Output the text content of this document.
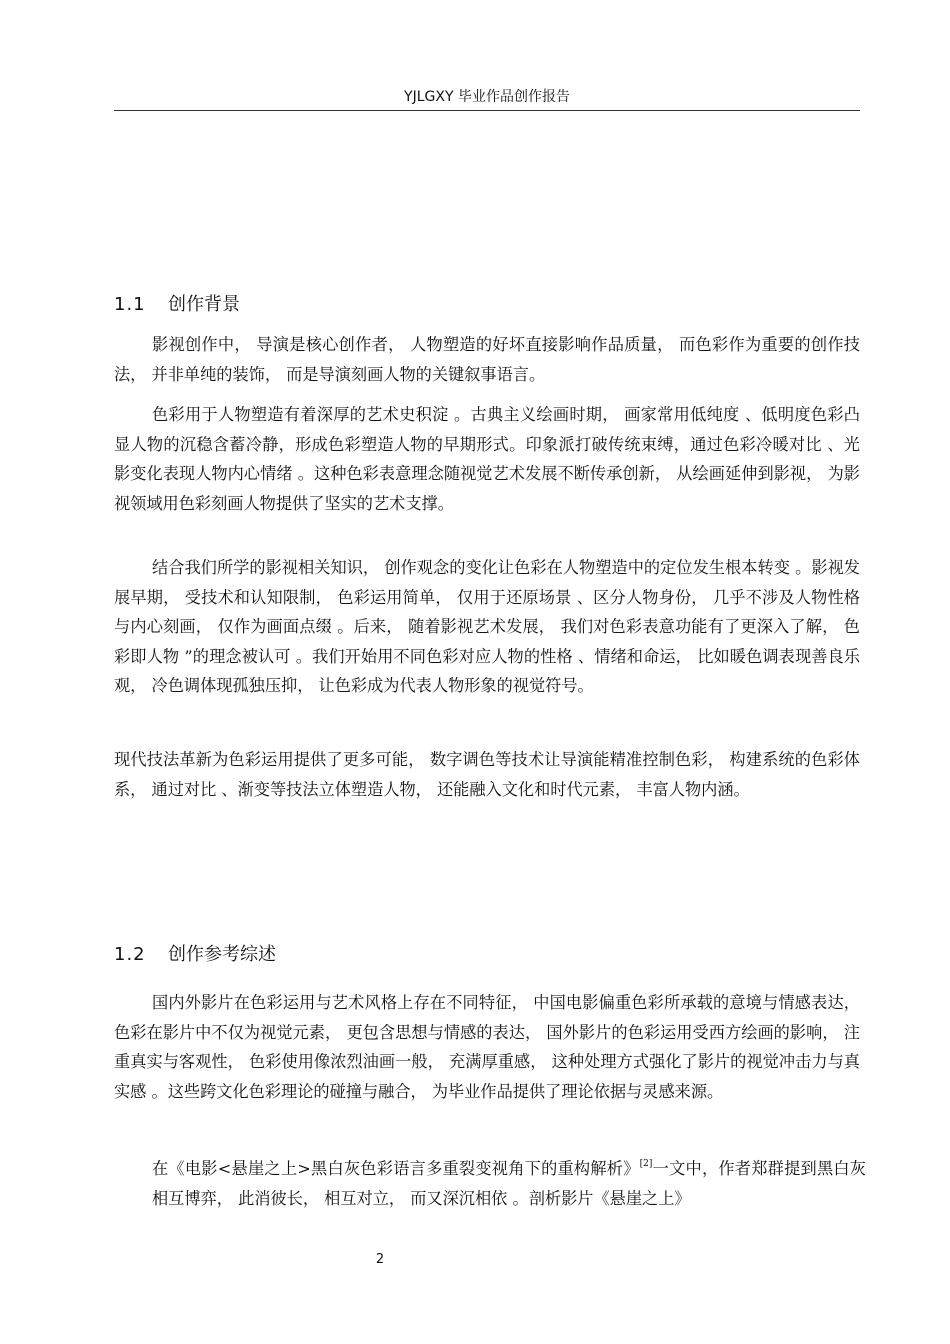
YJLGXY 毕业作品创作报告
1.1 创作背景

影视创作中， 导演是核心创作者， 人物塑造的好坏直接影响作品质量， 而色彩作为重要的创作技法， 并非单纯的装饰， 而是导演刻画人物的关键叙事语言。

色彩用于人物塑造有着深厚的艺术史积淀 。古典主义绘画时期， 画家常用低纯度 、低明度色彩凸显人物的沉稳含蓄冷静，形成色彩塑造人物的早期形式。印象派打破传统束缚，通过色彩冷暖对比 、光影变化表现人物内心情绪 。这种色彩表意理念随视觉艺术发展不断传承创新， 从绘画延伸到影视， 为影视领域用色彩刻画人物提供了坚实的艺术支撑。

结合我们所学的影视相关知识， 创作观念的变化让色彩在人物塑造中的定位发生根本转变 。影视发展早期， 受技术和认知限制， 色彩运用简单， 仅用于还原场景 、区分人物身份， 几乎不涉及人物性格与内心刻画， 仅作为画面点缀 。后来， 随着影视艺术发展， 我们对色彩表意功能有了更深入了解， 色彩即人物 ”的理念被认可 。我们开始用不同色彩对应人物的性格 、情绪和命运， 比如暖色调表现善良乐观， 冷色调体现孤独压抑， 让色彩成为代表人物形象的视觉符号。

现代技法革新为色彩运用提供了更多可能， 数字调色等技术让导演能精准控制色彩， 构建系统的色彩体系， 通过对比 、渐变等技法立体塑造人物， 还能融入文化和时代元素， 丰富人物内涵。

1.2 创作参考综述

国内外影片在色彩运用与艺术风格上存在不同特征， 中国电影偏重色彩所承载的意境与情感表达， 色彩在影片中不仅为视觉元素， 更包含思想与情感的表达， 国外影片的色彩运用受西方绘画的影响， 注重真实与客观性， 色彩使用像浓烈油画一般， 充满厚重感， 这种处理方式强化了影片的视觉冲击力与真实感 。这些跨文化色彩理论的碰撞与融合， 为毕业作品提供了理论依据与灵感来源。

在《电影<悬崖之上>黑白灰色彩语言多重裂变视角下的重构解析》[2]一文中，作者郑群提到黑白灰相互博弈， 此消彼长， 相互对立， 而又深沉相依 。剖析影片《悬崖之上》

2
